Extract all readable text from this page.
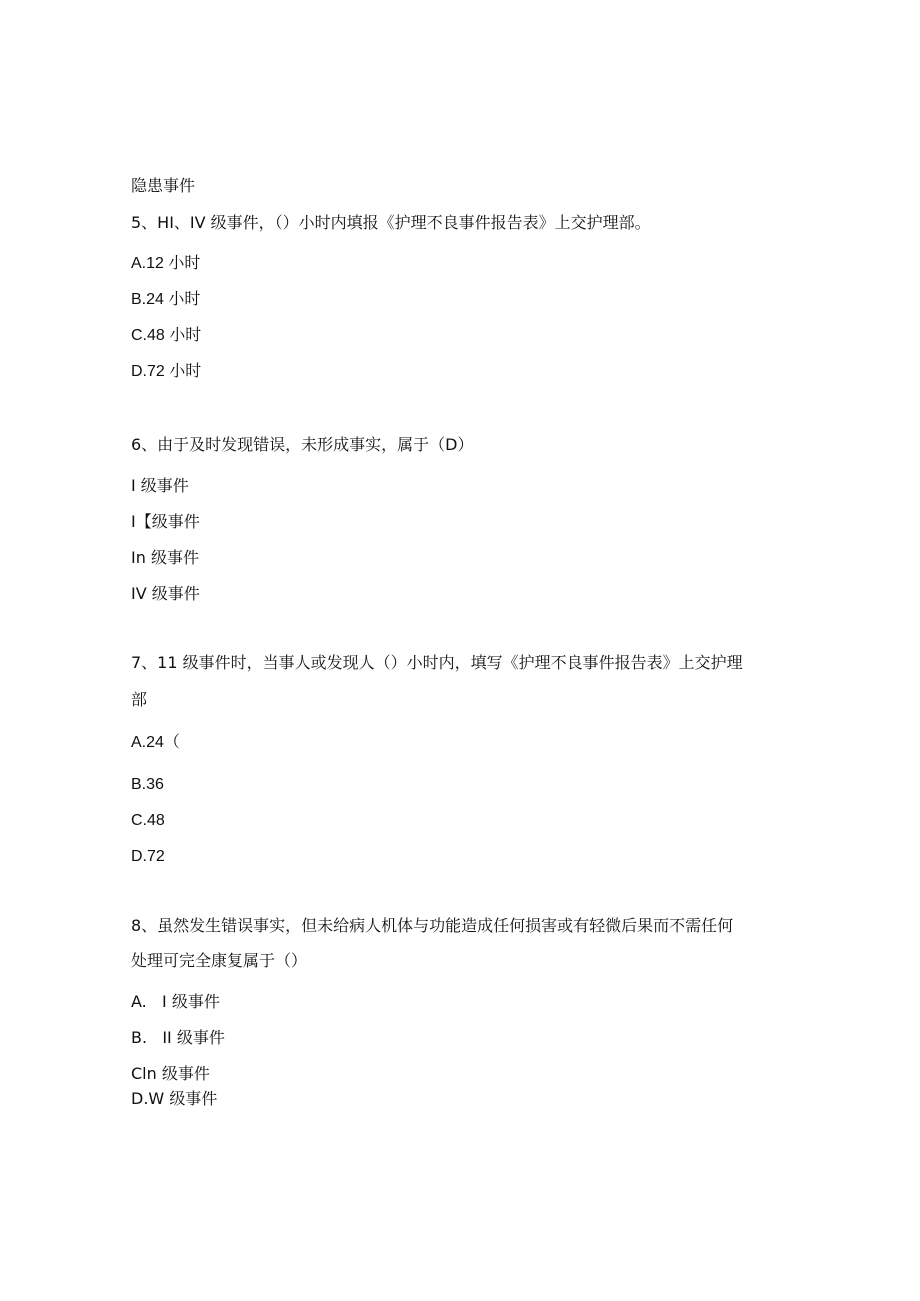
隐患事件
5、HI、IV 级事件，（）小时内填报《护理不良事件报告表》上交护理部。
A.12 小时
B.24 小时
C.48 小时
D.72 小时
6、由于及时发现错误，未形成事实，属于（D）
I 级事件
I【级事件
In 级事件
IV 级事件
7、11 级事件时，当事人或发现人（）小时内，填写《护理不良事件报告表》上交护理
部
A.24（
B.36
C.48
D.72
8、虽然发生错误事实，但未给病人机体与功能造成任何损害或有轻微后果而不需任何
处理可完全康复属于（）
A.   I 级事件
B.   II 级事件
Cln 级事件
D.W 级事件
